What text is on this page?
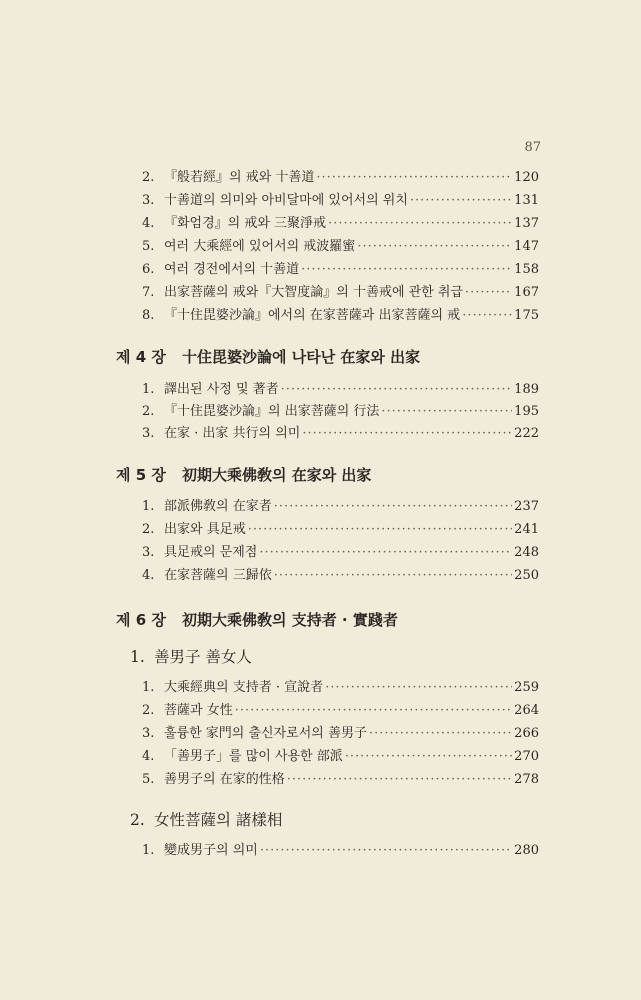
87
2. 『般若經』의 戒와 十善道 ·····	120
3. 十善道의 의미와 아비달마에 있어서의 위치 ·····	131
4. 『화엄경』의 戒와 三聚淨戒 ·····	137
5. 여러 大乘經에 있어서의 戒波羅蜜 ·····	147
6. 여러 경전에서의 十善道 ·····	158
7. 出家菩薩의 戒와『大智度論』의 十善戒에 관한 취급 ·····	167
8. 『十住毘婆沙論』에서의 在家菩薩과 出家菩薩의 戒 ·····	175
제 4 장 十住毘婆沙論에 나타난 在家와 出家
1. 譯出된 사정 및 著者 ·····	189
2. 『十住毘婆沙論』의 出家菩薩의 行法 ·····	195
3. 在家 · 出家 共行의 의미 ·····	222
제 5 장 初期大乘佛敎의 在家와 出家
1. 部派佛敎의 在家者 ·····	237
2. 出家와 具足戒 ·····	241
3. 具足戒의 문제점 ·····	248
4. 在家菩薩의 三歸依 ·····	250
제 6 장 初期大乘佛敎의 支持者 · 實踐者
1. 善男子 善女人
1. 大乘經典의 支持者 · 宣說者 ·····	259
2. 菩薩과 女性 ·····	264
3. 훌륭한 家門의 출신자로서의 善男子 ·····	266
4. 「善男子」를 많이 사용한 部派 ·····	270
5. 善男子의 在家的性格 ·····	278
2. 女性菩薩의 諸樣相
1. 變成男子의 의미 ·····	280
